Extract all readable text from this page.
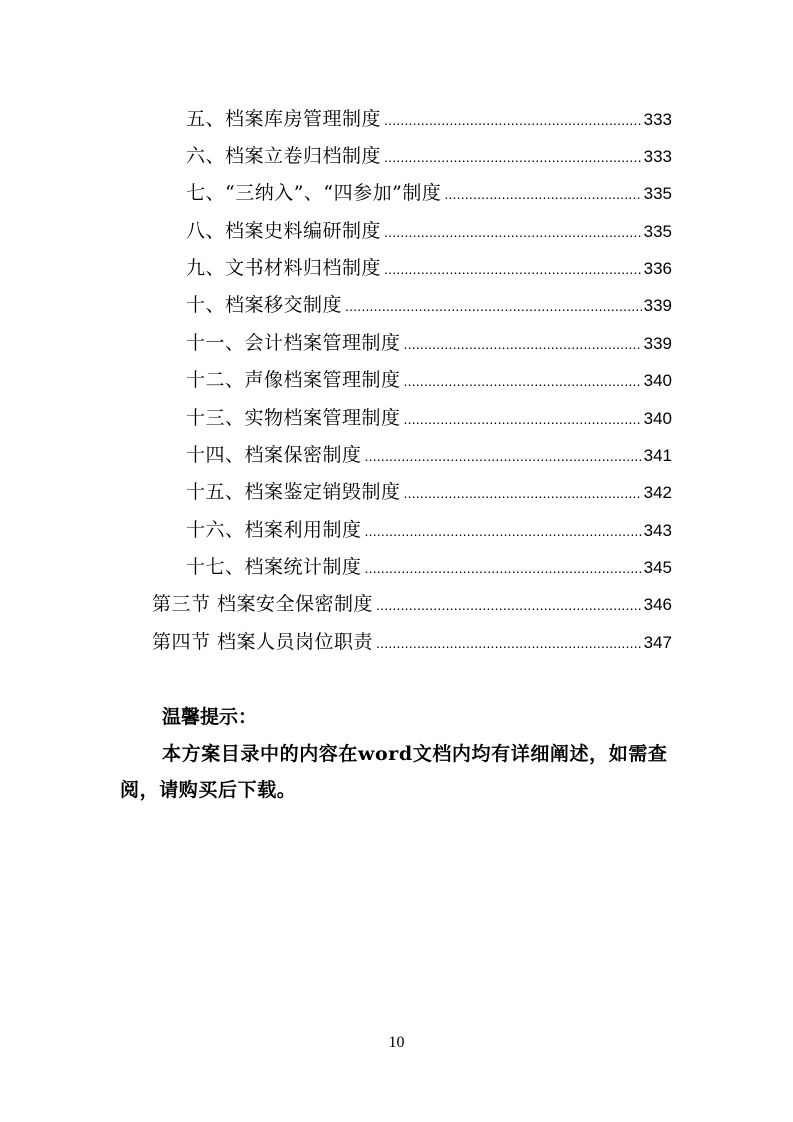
五、档案库房管理制度 .....	333
六、档案立卷归档制度 .....	333
七、“三纳入”、“四参加”制度 .....	335
八、档案史料编研制度 .....	335
九、文书材料归档制度 .....	336
十、档案移交制度 .....	339
十一、会计档案管理制度 .....	339
十二、声像档案管理制度 .....	340
十三、实物档案管理制度 .....	340
十四、档案保密制度 .....	341
十五、档案鉴定销毁制度 .....	342
十六、档案利用制度 .....	343
十七、档案统计制度 .....	345
第三节 档案安全保密制度 .....	346
第四节 档案人员岗位职责 .....	347
温馨提示：
本方案目录中的内容在word文档内均有详细阐述，如需查阅，请购买后下载。
10
